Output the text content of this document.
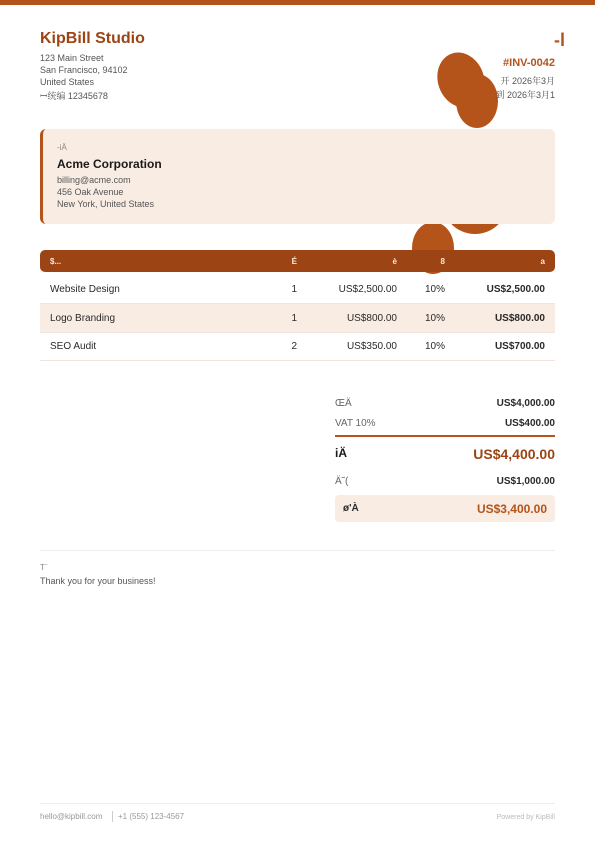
KipBill Studio
123 Main Street
San Francisco, 94102
United States
ꟷ统编 12345678
-l
#INV-0042
开 2026年3月
到 2026年3月1
-iÄ
Acme Corporation
billing@acme.com
456 Oak Avenue
New York, United States
$...	É	è	8	a
Website Design	1	US$2,500.00	10%	US$2,500.00
Logo Branding	1	US$800.00	10%	US$800.00
SEO Audit	2	US$350.00	10%	US$700.00
ŒÄ	US$4,000.00
VAT 10%	US$400.00
iÄ	US$4,400.00
Ä˜(	US$1,000.00
ø'À	US$3,400.00
T¨
Thank you for your business!
hello@kipbill.com +1 (555) 123-4567	Powered by KipBill
